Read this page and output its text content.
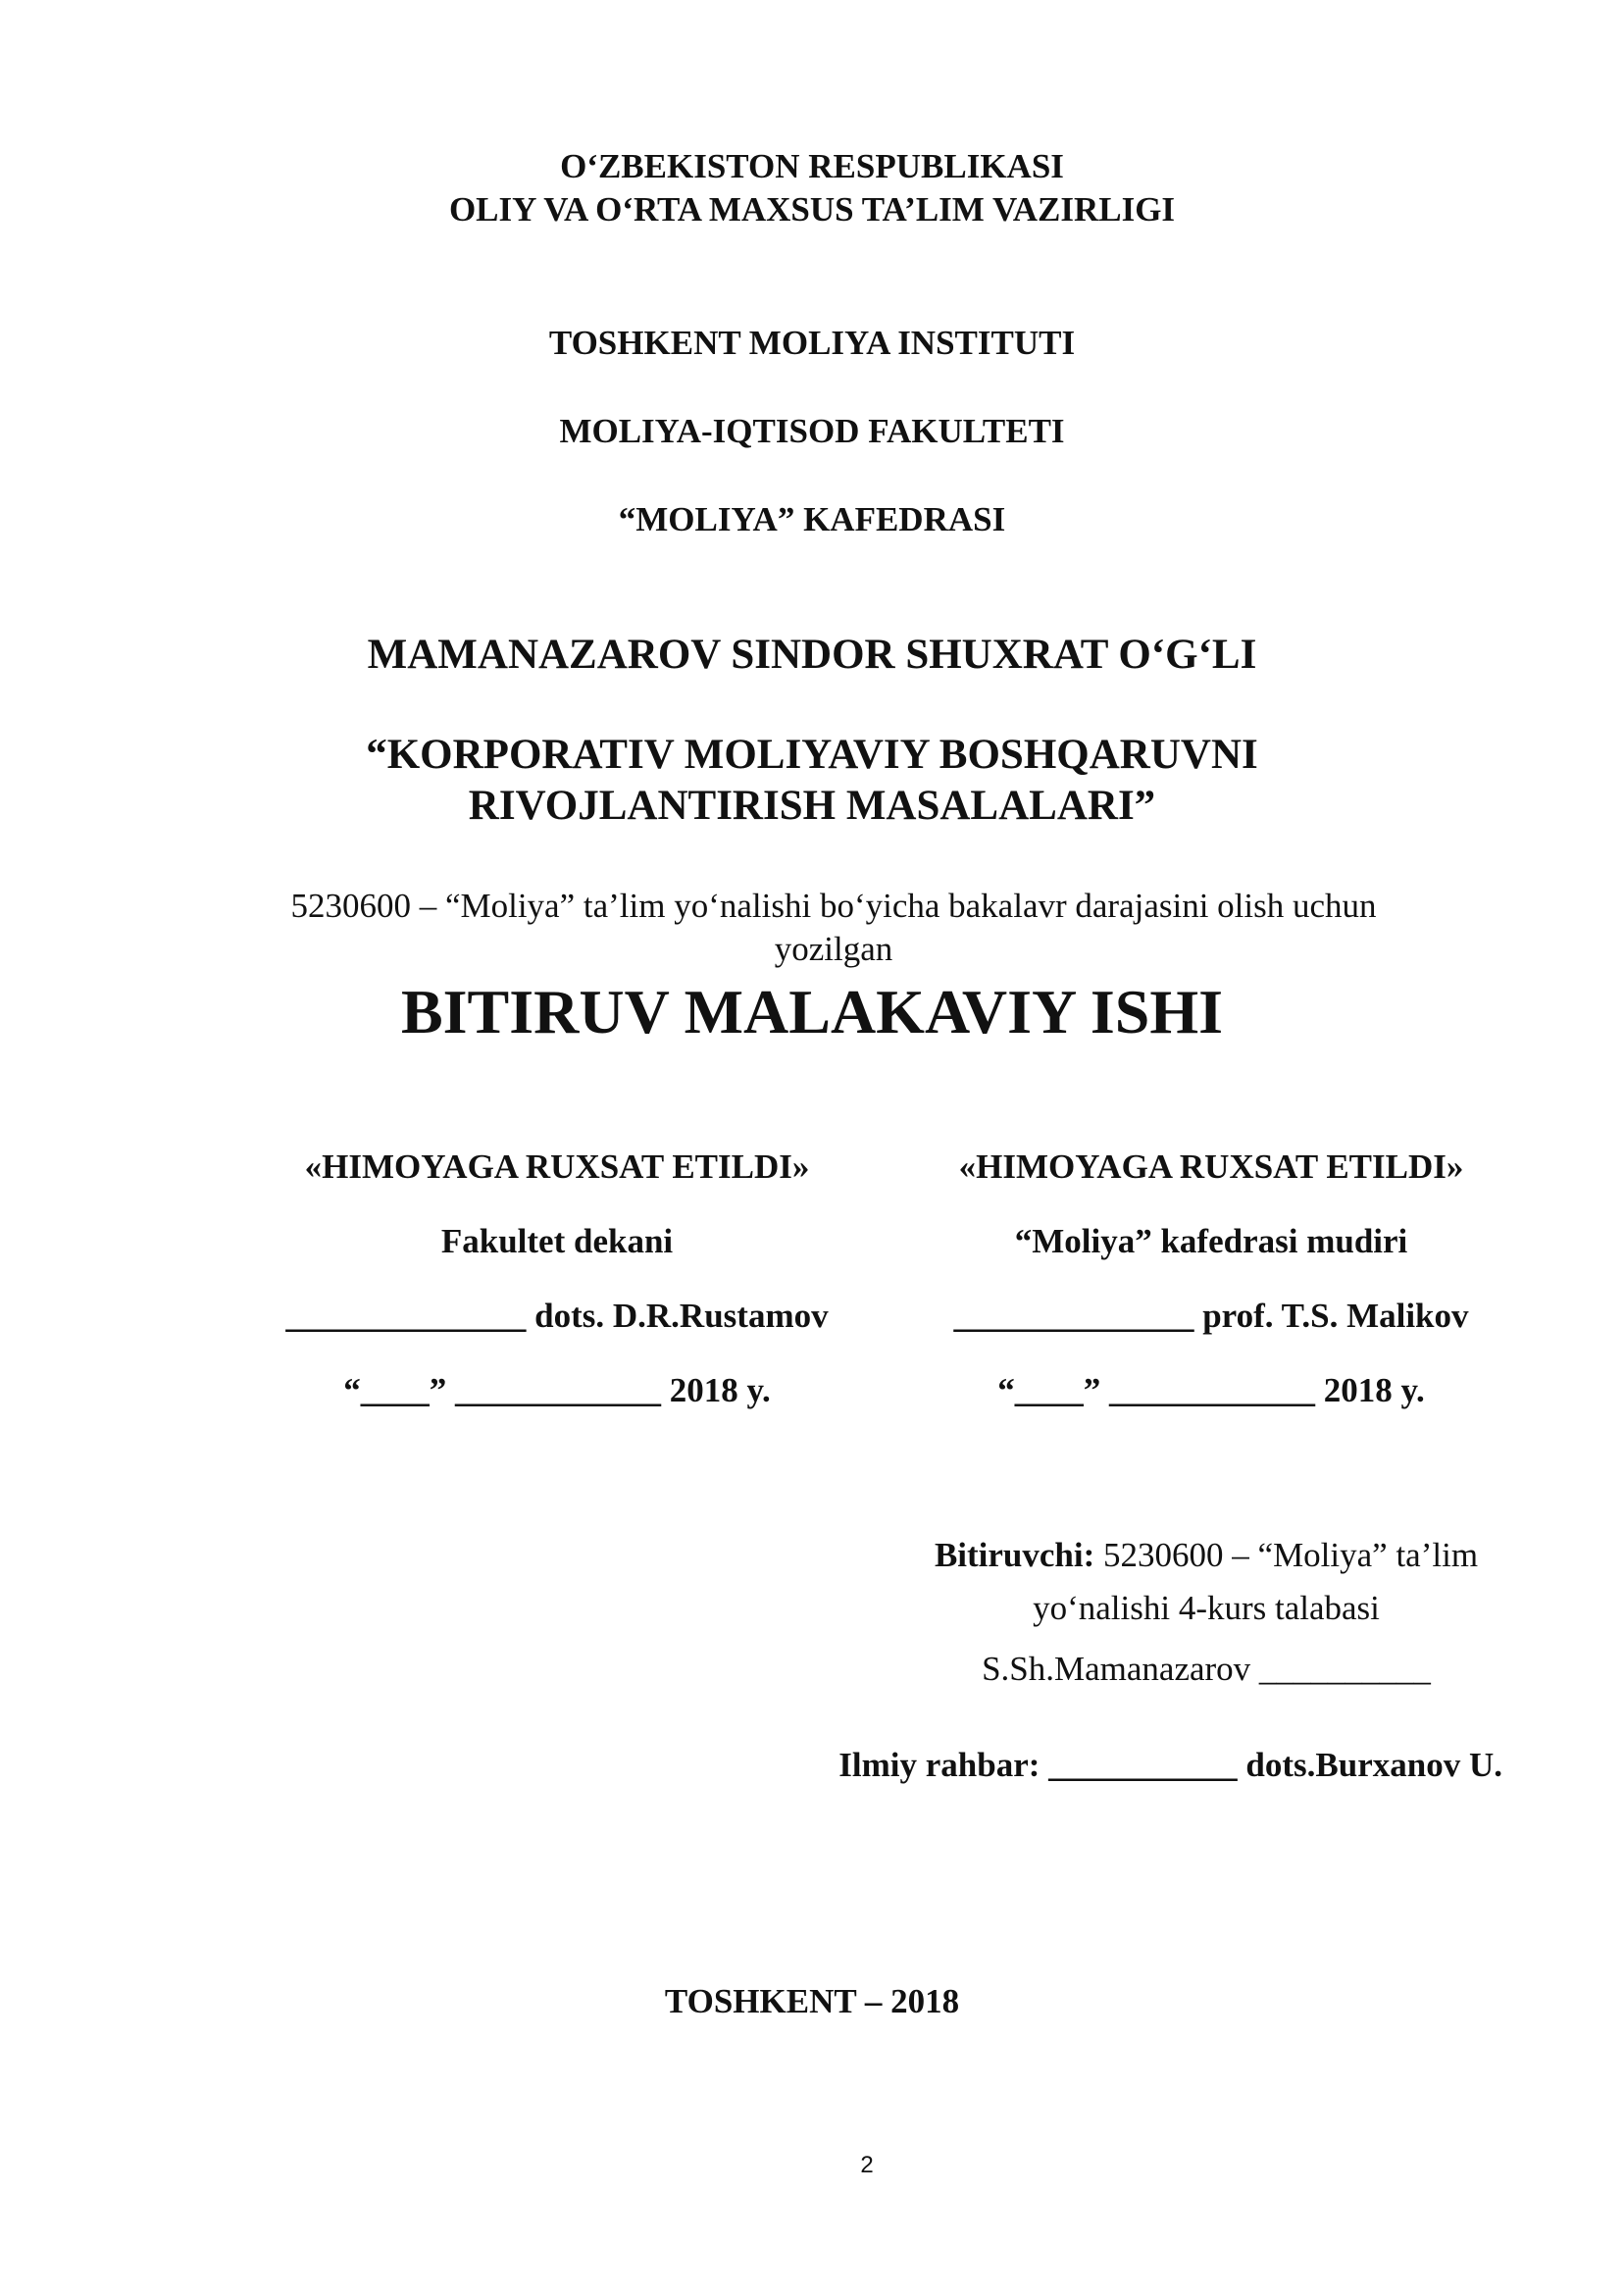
O‘ZBEKISTON RESPUBLIKASI
OLIY VA O‘RTA MAXSUS TA’LIM VAZIRLIGI
TOSHKENT MOLIYA INSTITUTI
MOLIYA-IQTISOD FAKULTETI
“MOLIYA” KAFEDRASI
MAMANAZAROV SINDOR SHUXRAT O‘G‘LI
“KORPORATIV MOLIYAVIY BOSHQARUVNI
RIVOJLANTIRISH MASALALARI”
5230600 – “Moliya” ta’lim yo‘nalishi bo‘yicha bakalavr darajasini olish uchun
yozilgan
BITIRUV MALAKAVIY ISHI
«HIMOYAGA RUXSAT ETILDI»
Fakultet dekani
______________ dots. D.R.Rustamov
“____” ____________ 2018 y.
«HIMOYAGA RUXSAT ETILDI»
“Moliya” kafedrasi mudiri
______________ prof. T.S. Malikov
“____” ____________ 2018 y.
Bitiruvchi: 5230600 – “Moliya” ta’lim
yo‘nalishi 4-kurs talabasi
S.Sh.Mamanazarov __________
Ilmiy rahbar: ___________ dots.Burxanov U.
TOSHKENT – 2018
2
